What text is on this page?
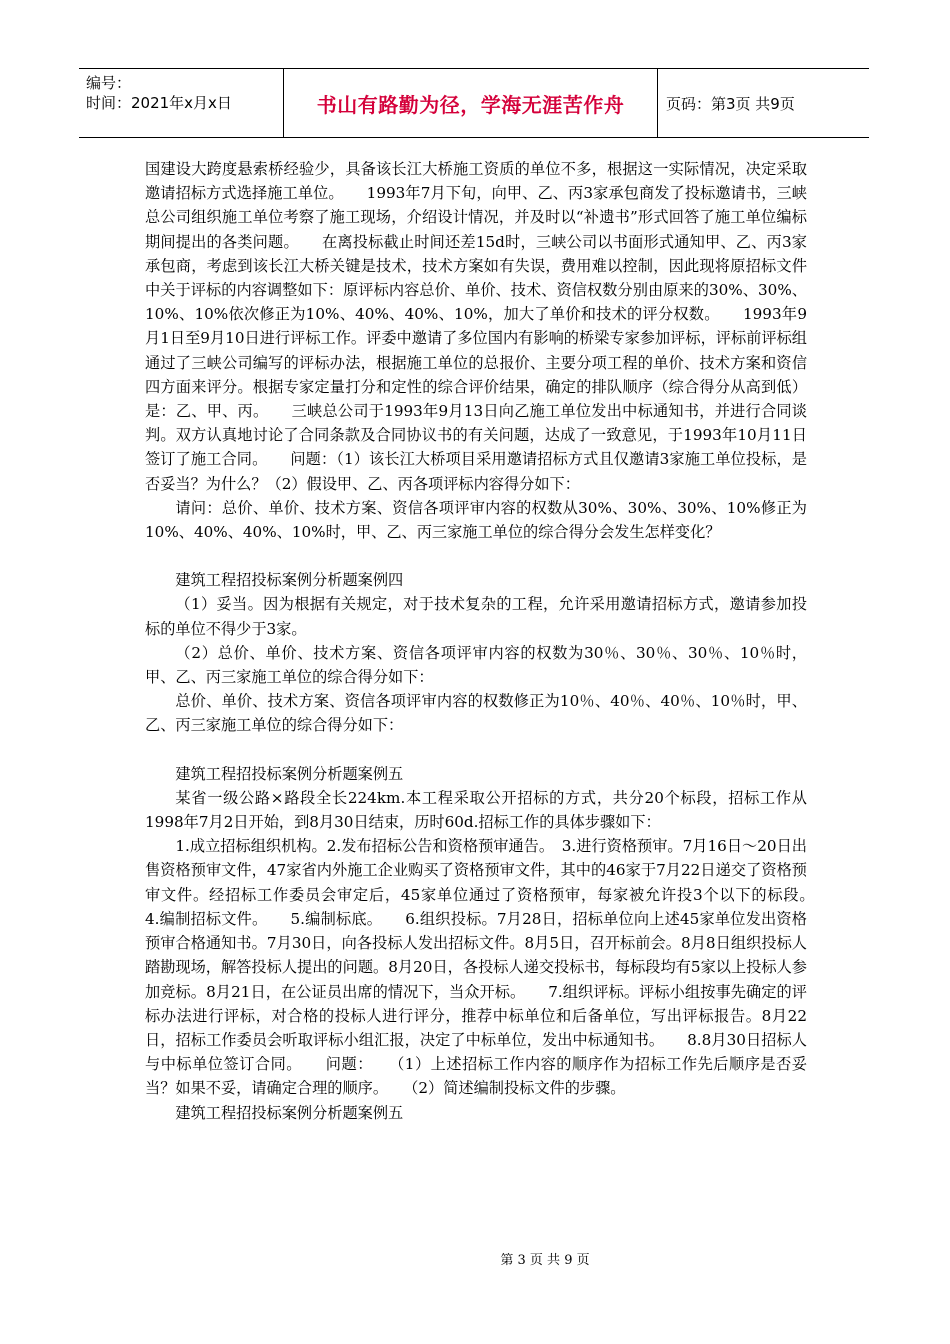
编号：
时间：2021年x月x日	书山有路勤为径，学海无涯苦作舟	页码：第3页 共9页

国建设大跨度悬索桥经验少，具备该长江大桥施工资质的单位不多，根据这一实际情况，决定采取邀请招标方式选择施工单位。　　1993年7月下旬，向甲、乙、丙3家承包商发了投标邀请书，三峡总公司组织施工单位考察了施工现场，介绍设计情况，并及时以“补遗书”形式回答了施工单位编标期间提出的各类问题。　　在离投标截止时间还差15d时，三峡公司以书面形式通知甲、乙、丙3家承包商，考虑到该长江大桥关键是技术，技术方案如有失误，费用难以控制，因此现将原招标文件中关于评标的内容调整如下：原评标内容总价、单价、技术、资信权数分别由原来的30%、30%、10%、10%依次修正为10%、40%、40%、10%，加大了单价和技术的评分权数。　　1993年9月1日至9月10日进行评标工作。评委中邀请了多位国内有影响的桥梁专家参加评标，评标前评标组通过了三峡公司编写的评标办法，根据施工单位的总报价、主要分项工程的单价、技术方案和资信四方面来评分。根据专家定量打分和定性的综合评价结果，确定的排队顺序（综合得分从高到低）是：乙、甲、丙。　　三峡总公司于1993年9月13日向乙施工单位发出中标通知书，并进行合同谈判。双方认真地讨论了合同条款及合同协议书的有关问题，达成了一致意见，于1993年10月11日签订了施工合同。　　问题：（1）该长江大桥项目采用邀请招标方式且仅邀请3家施工单位投标，是否妥当？为什么？（2）假设甲、乙、丙各项评标内容得分如下：

请问：总价、单价、技术方案、资信各项评审内容的权数从30%、30%、30%、10%修正为10%、40%、40%、10%时，甲、乙、丙三家施工单位的综合得分会发生怎样变化？

建筑工程招投标案例分析题案例四

（1）妥当。因为根据有关规定，对于技术复杂的工程，允许采用邀请招标方式，邀请参加投标的单位不得少于3家。

（2）总价、单价、技术方案、资信各项评审内容的权数为30％、30％、30％、10％时，甲、乙、丙三家施工单位的综合得分如下：

总价、单价、技术方案、资信各项评审内容的权数修正为10％、40％、40％、10％时，甲、乙、丙三家施工单位的综合得分如下：

建筑工程招投标案例分析题案例五

某省一级公路×路段全长224km.本工程采取公开招标的方式，共分20个标段，招标工作从1998年7月2日开始，到8月30日结束，历时60d.招标工作的具体步骤如下：

1.成立招标组织机构。2.发布招标公告和资格预审通告。　3.进行资格预审。7月16日～20日出售资格预审文件，47家省内外施工企业购买了资格预审文件，其中的46家于7月22日递交了资格预审文件。经招标工作委员会审定后，45家单位通过了资格预审，每家被允许投3个以下的标段。　　4.编制招标文件。　　5.编制标底。　　6.组织投标。7月28日，招标单位向上述45家单位发出资格预审合格通知书。7月30日，向各投标人发出招标文件。8月5日，召开标前会。8月8日组织投标人踏勘现场，解答投标人提出的问题。8月20日，各投标人递交投标书，每标段均有5家以上投标人参加竞标。8月21日，在公证员出席的情况下，当众开标。　　7.组织评标。评标小组按事先确定的评标办法进行评标，对合格的投标人进行评分，推荐中标单位和后备单位，写出评标报告。8月22日，招标工作委员会听取评标小组汇报，决定了中标单位，发出中标通知书。　　8.8月30日招标人与中标单位签订合同。　　问题：　　（1）上述招标工作内容的顺序作为招标工作先后顺序是否妥当？如果不妥，请确定合理的顺序。　　（2）简述编制投标文件的步骤。

建筑工程招投标案例分析题案例五

第 3 页 共 9 页
